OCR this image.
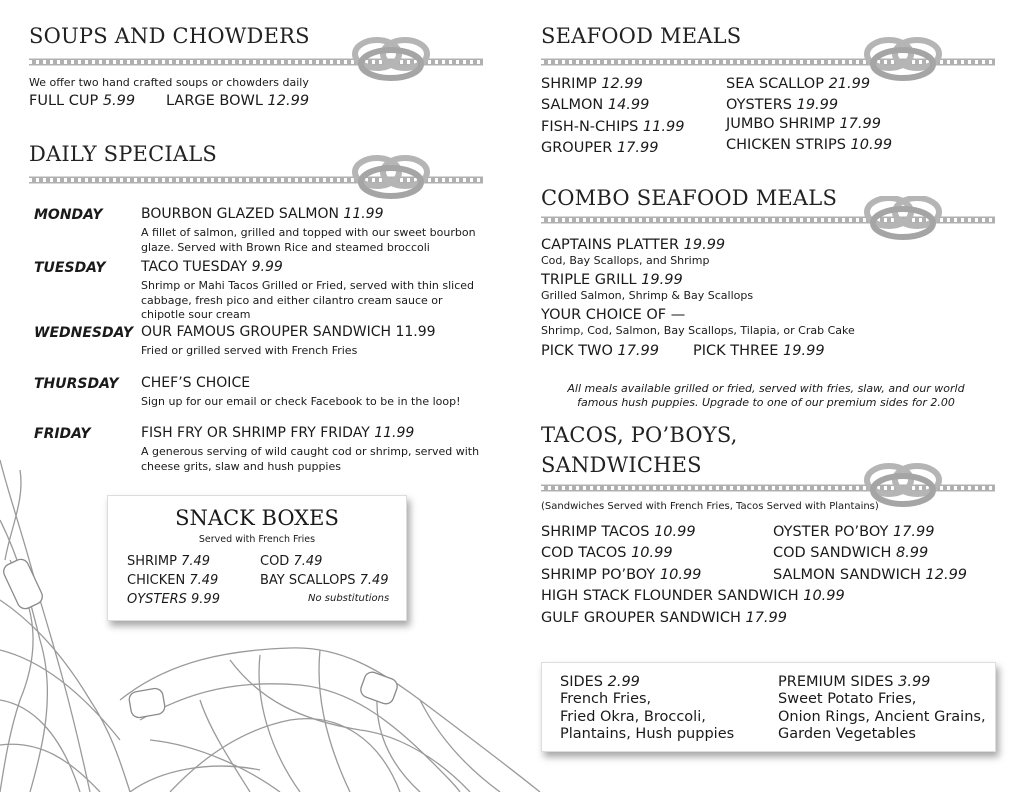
SOUPS AND CHOWDERS
We offer two hand crafted soups or chowders daily
FULL CUP 5.99 LARGE BOWL 12.99
DAILY SPECIALS
MONDAY	BOURBON GLAZED SALMON 11.99
A fillet of salmon, grilled and topped with our sweet bourbon glaze. Served with Brown Rice and steamed broccoli
TUESDAY	TACO TUESDAY 9.99
Shrimp or Mahi Tacos Grilled or Fried, served with thin sliced cabbage, fresh pico and either cilantro cream sauce or chipotle sour cream
WEDNESDAY OUR FAMOUS GROUPER SANDWICH 11.99
Fried or grilled served with French Fries
THURSDAY CHEF’S CHOICE
Sign up for our email or check Facebook to be in the loop!
FRIDAY	FISH FRY OR SHRIMP FRY FRIDAY 11.99
A generous serving of wild caught cod or shrimp, served with cheese grits, slaw and hush puppies
SNACK BOXES
Served with French Fries
SHRIMP 7.49	COD 7.49
CHICKEN 7.49	BAY SCALLOPS 7.49
OYSTERS 9.99	No substitutions
SEAFOOD MEALS
SHRIMP 12.99
SALMON 14.99
FISH-N-CHIPS 11.99
GROUPER 17.99
SEA SCALLOP 21.99
OYSTERS 19.99
JUMBO SHRIMP 17.99
CHICKEN STRIPS 10.99
COMBO SEAFOOD MEALS
CAPTAINS PLATTER 19.99
Cod, Bay Scallops, and Shrimp
TRIPLE GRILL 19.99
Grilled Salmon, Shrimp & Bay Scallops
YOUR CHOICE OF —
Shrimp, Cod, Salmon, Bay Scallops, Tilapia, or Crab Cake
PICK TWO 17.99 PICK THREE 19.99
All meals available grilled or fried, served with fries, slaw, and our world
famous hush puppies. Upgrade to one of our premium sides for 2.00
TACOS, PO’BOYS,
SANDWICHES
(Sandwiches Served with French Fries, Tacos Served with Plantains)
SHRIMP TACOS 10.99
COD TACOS 10.99
SHRIMP PO’BOY 10.99
HIGH STACK FLOUNDER SANDWICH 10.99
GULF GROUPER SANDWICH 17.99
OYSTER PO’BOY 17.99
COD SANDWICH 8.99
SALMON SANDWICH 12.99
SIDES 2.99
French Fries,
Fried Okra, Broccoli,
Plantains, Hush puppies
PREMIUM SIDES 3.99
Sweet Potato Fries,
Onion Rings, Ancient Grains,
Garden Vegetables
